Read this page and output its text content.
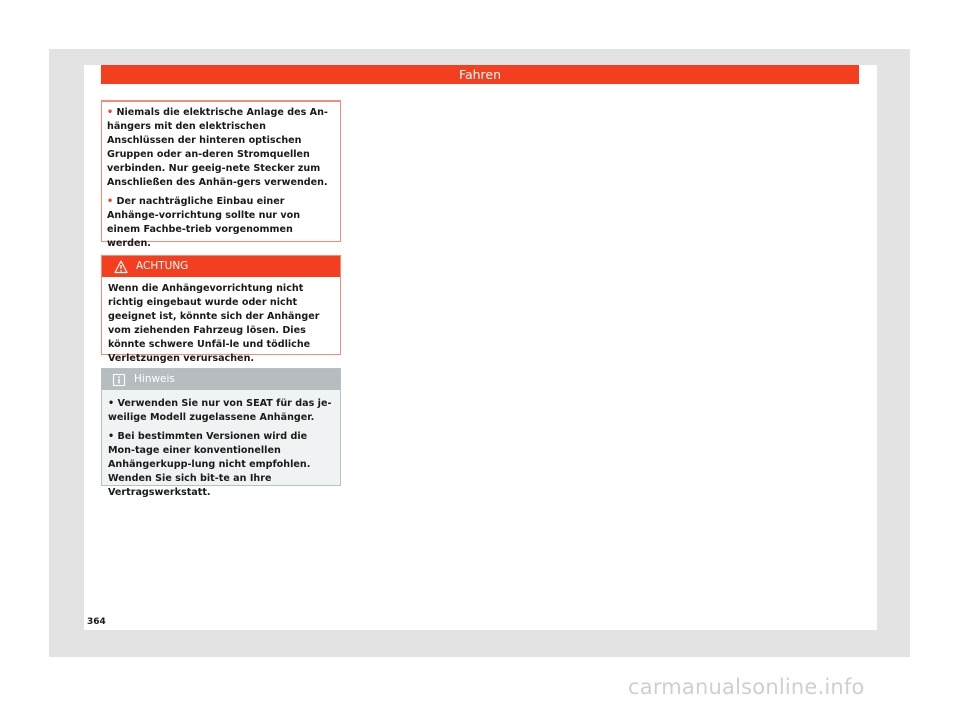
Fahren

• Niemals die elektrische Anlage des An-hängers mit den elektrischen Anschlüssen der hinteren optischen Gruppen oder an-deren Stromquellen verbinden. Nur geeig-nete Stecker zum Anschließen des Anhän-gers verwenden.

• Der nachträgliche Einbau einer Anhänge-vorrichtung sollte nur von einem Fachbe-trieb vorgenommen werden.

ACHTUNG

Wenn die Anhängevorrichtung nicht richtig eingebaut wurde oder nicht geeignet ist, könnte sich der Anhänger vom ziehenden Fahrzeug lösen. Dies könnte schwere Unfäl-le und tödliche Verletzungen verursachen.

Hinweis

• Verwenden Sie nur von SEAT für das je-weilige Modell zugelassene Anhänger.

• Bei bestimmten Versionen wird die Mon-tage einer konventionellen Anhängerkupp-lung nicht empfohlen. Wenden Sie sich bit-te an Ihre Vertragswerkstatt.

364
carmanualsonline.info
